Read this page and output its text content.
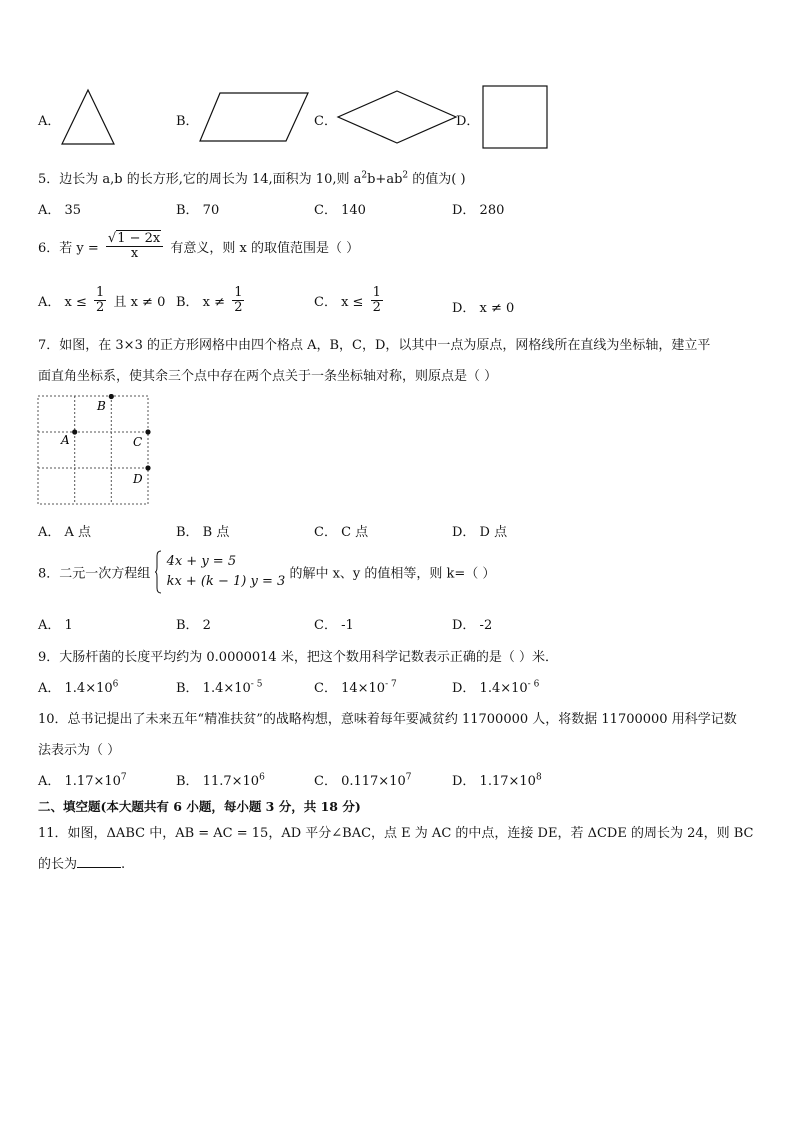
A．	B．	C．	D．
5．边长为 a,b 的长方形,它的周长为 14,面积为 10,则 $a^2b+ab^2$ 的值为( )
A． 35	B． 70	C． 140	D． 280
6．若 $y = \frac{√1 - 2x}{x}$ 有意义，则 x 的取值范围是（ ）
A． $x \le \frac{1}{2}$ 且 x ≠ 0 B． $x \ne \frac{1}{2}$	C． $x \le \frac{1}{2}$	D． x ≠ 0
7．如图，在 3×3 的正方形网格中由四个格点 A，B，C，D，以其中一点为原点，网格线所在直线为坐标轴，建立平
面直角坐标系，使其余三个点中存在两个点关于一条坐标轴对称，则原点是（ ）
B
A	C
D
A． A 点	B． B 点	C． C 点	D． D 点
8．二元一次方程组
4x + y = 5
kx + (k − 1) y = 3 的解中 x、y 的值相等，则 k=（ ）
A． 1	B． 2	C． -1	D． -2
9．大肠杆菌的长度平均约为 0.0000014 米，把这个数用科学记数表示正确的是（ ）米．
A． $1.4\times 10^6$	B． $1.4\times 10^{- 5}$	C． $14\times 10^{- 7}$	D． $1.4\times 10^{- 6}$
10．总书记提出了未来五年“精准扶贫”的战略构想，意味着每年要减贫约 11700000 人，将数据 11700000 用科学记数
法表示为（ ）
A． $1.17\times 10^7$	B． $11.7\times 10^6$	C． $0.117\times 10^7$	D． $1.17\times 10^8$
二、填空题(本大题共有 6 小题，每小题 3 分，共 18 分)
11．如图，ΔABC 中，AB = AC = 15，AD 平分∠BAC，点 E 为 AC 的中点，连接 DE，若 ΔCDE 的周长为 24，则 BC
的长为	.
